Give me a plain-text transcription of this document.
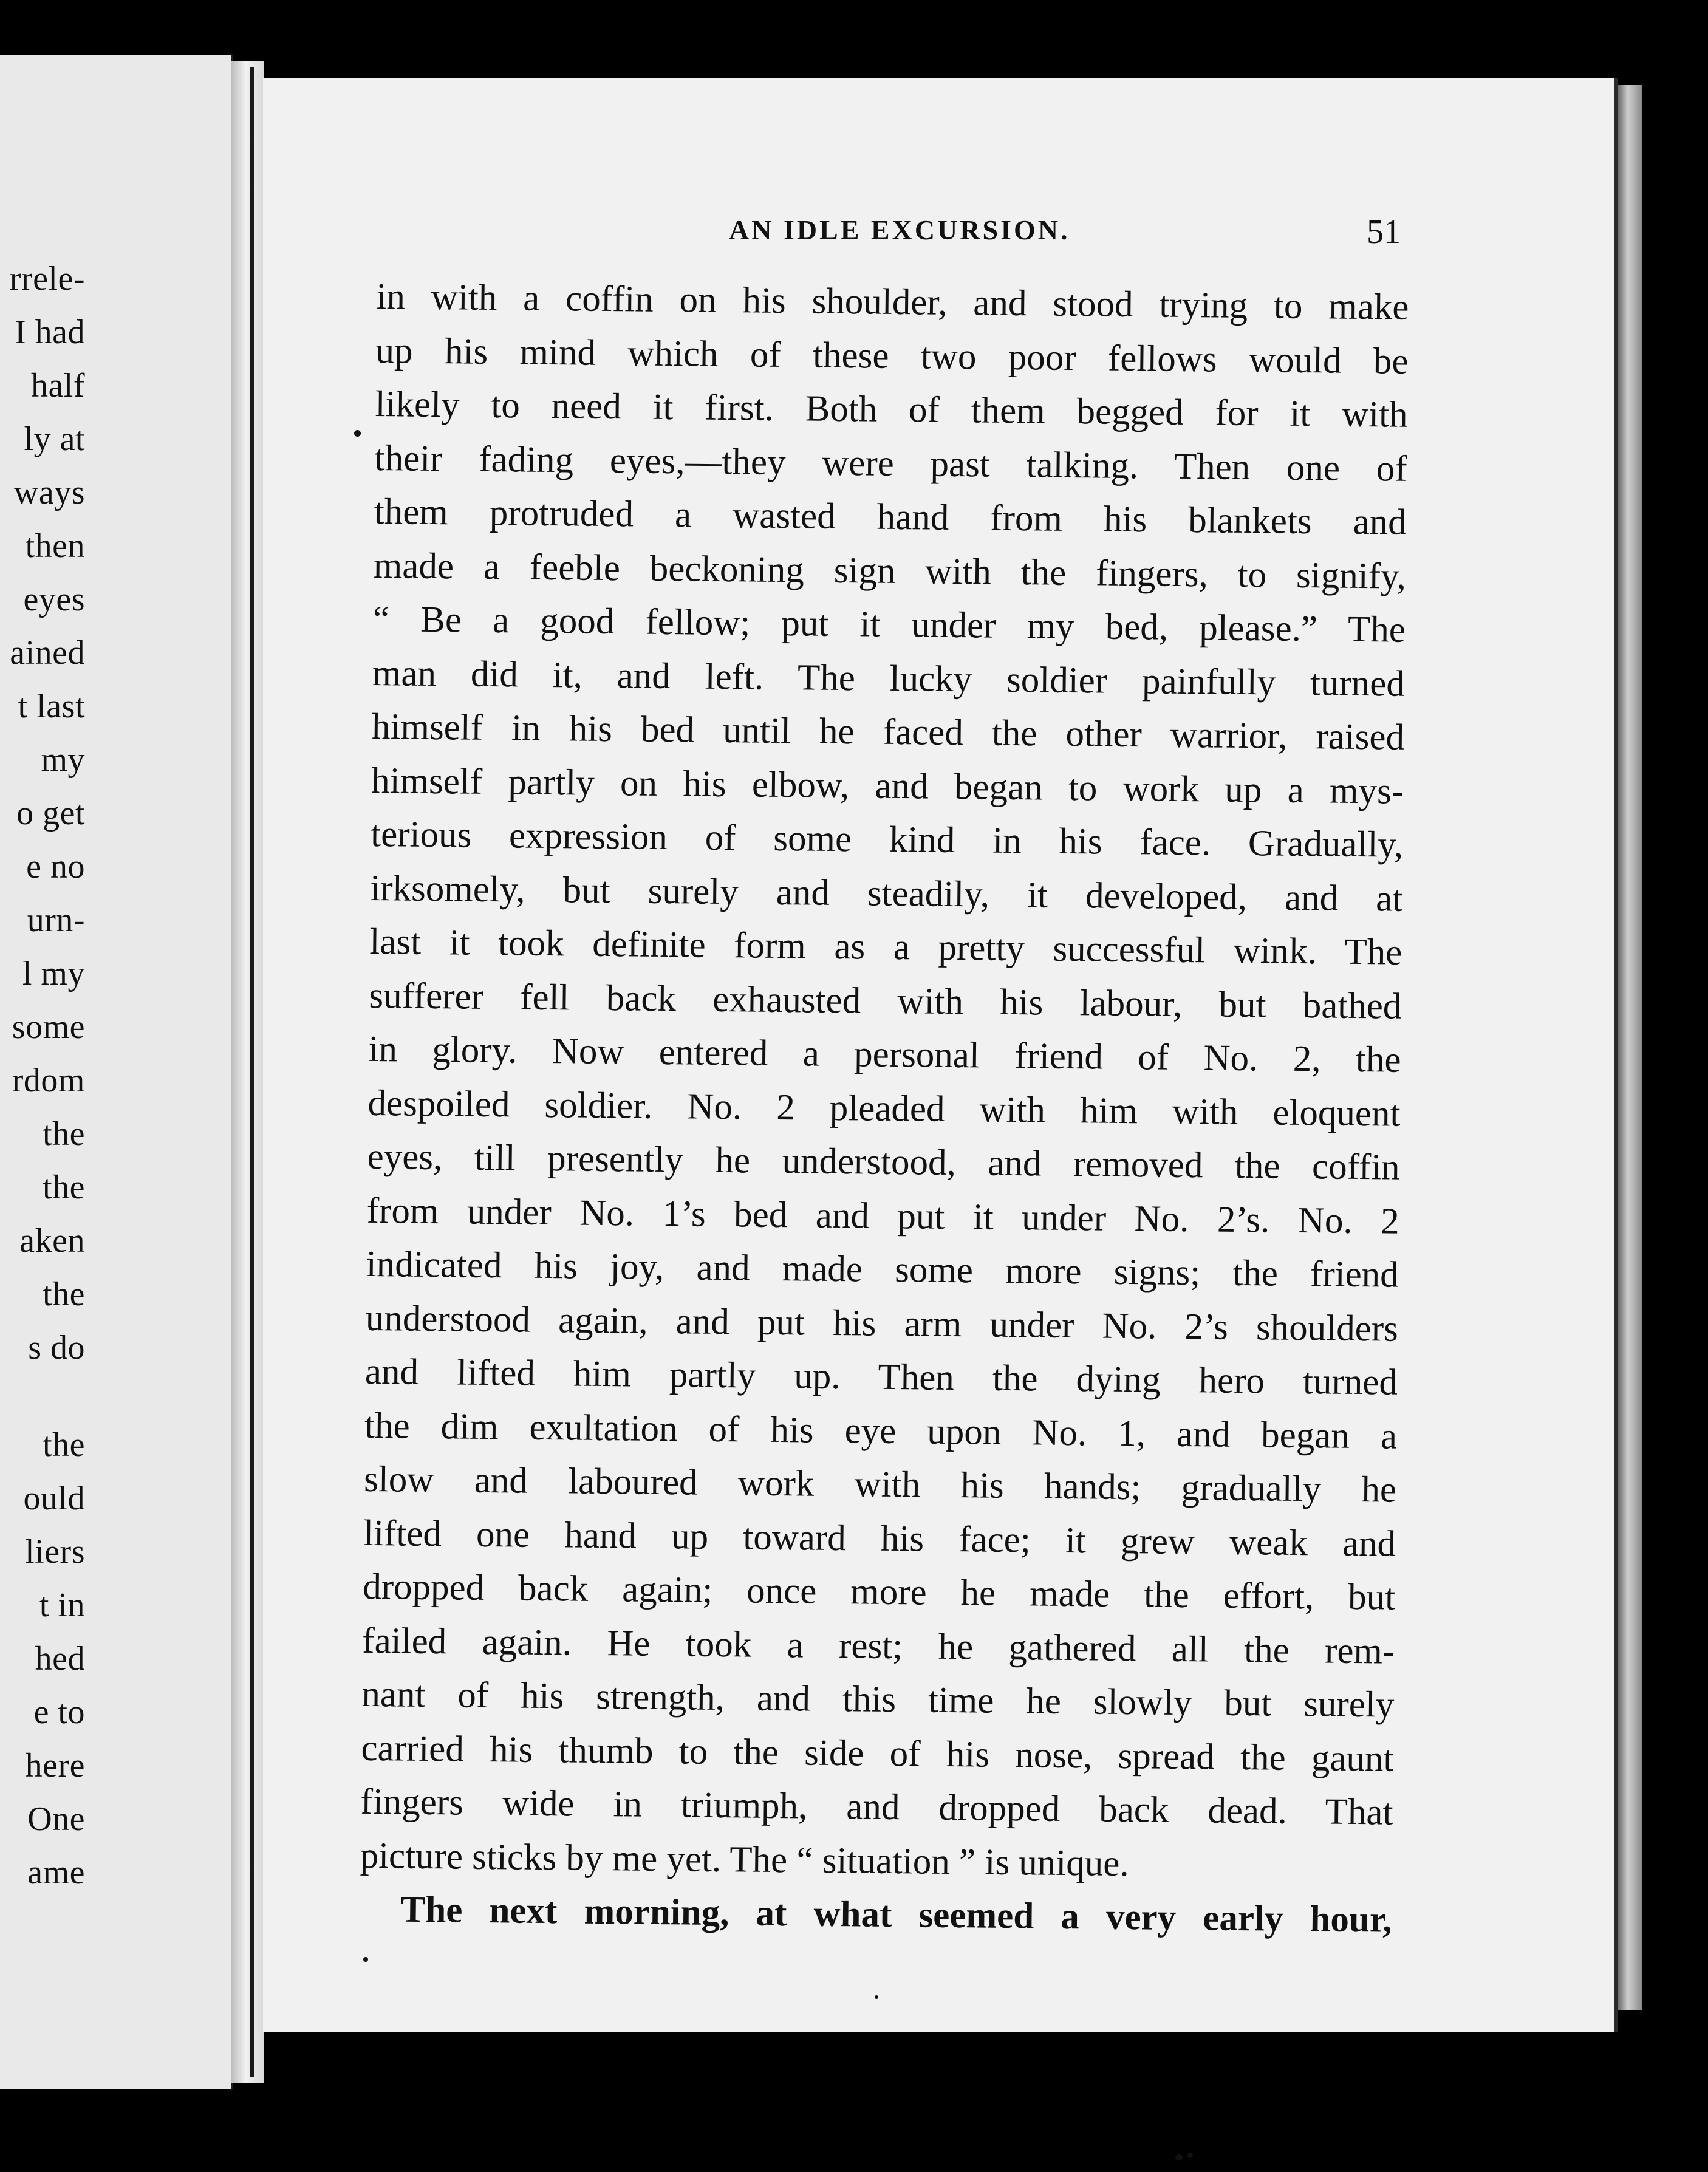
rrele-
I had
half
ly at
ways
then
eyes
ained
t last
my
o get
e no
urn-
l my
some
rdom
the
the
aken
the
s do
the
ould
liers
t in
hed
e to
here
One
ame
AN IDLE EXCURSION.	51
in with a coffin on his shoulder, and stood trying to make
up his mind which of these two poor fellows would be
likely to need it first. Both of them begged for it with
their fading eyes,—they were past talking. Then one of
them protruded a wasted hand from his blankets and
made a feeble beckoning sign with the fingers, to signify,
“ Be a good fellow; put it under my bed, please.” The
man did it, and left. The lucky soldier painfully turned
himself in his bed until he faced the other warrior, raised
himself partly on his elbow, and began to work up a mys-
terious expression of some kind in his face. Gradually,
irksomely, but surely and steadily, it developed, and at
last it took definite form as a pretty successful wink. The
sufferer fell back exhausted with his labour, but bathed
in glory. Now entered a personal friend of No. 2, the
despoiled soldier. No. 2 pleaded with him with eloquent
eyes, till presently he understood, and removed the coffin
from under No. 1’s bed and put it under No. 2’s. No. 2
indicated his joy, and made some more signs; the friend
understood again, and put his arm under No. 2’s shoulders
and lifted him partly up. Then the dying hero turned
the dim exultation of his eye upon No. 1, and began a
slow and laboured work with his hands; gradually he
lifted one hand up toward his face; it grew weak and
dropped back again; once more he made the effort, but
failed again. He took a rest; he gathered all the rem-
nant of his strength, and this time he slowly but surely
carried his thumb to the side of his nose, spread the gaunt
fingers wide in triumph, and dropped back dead. That
picture sticks by me yet. The “ situation ” is unique.
The next morning, at what seemed a very early hour,
